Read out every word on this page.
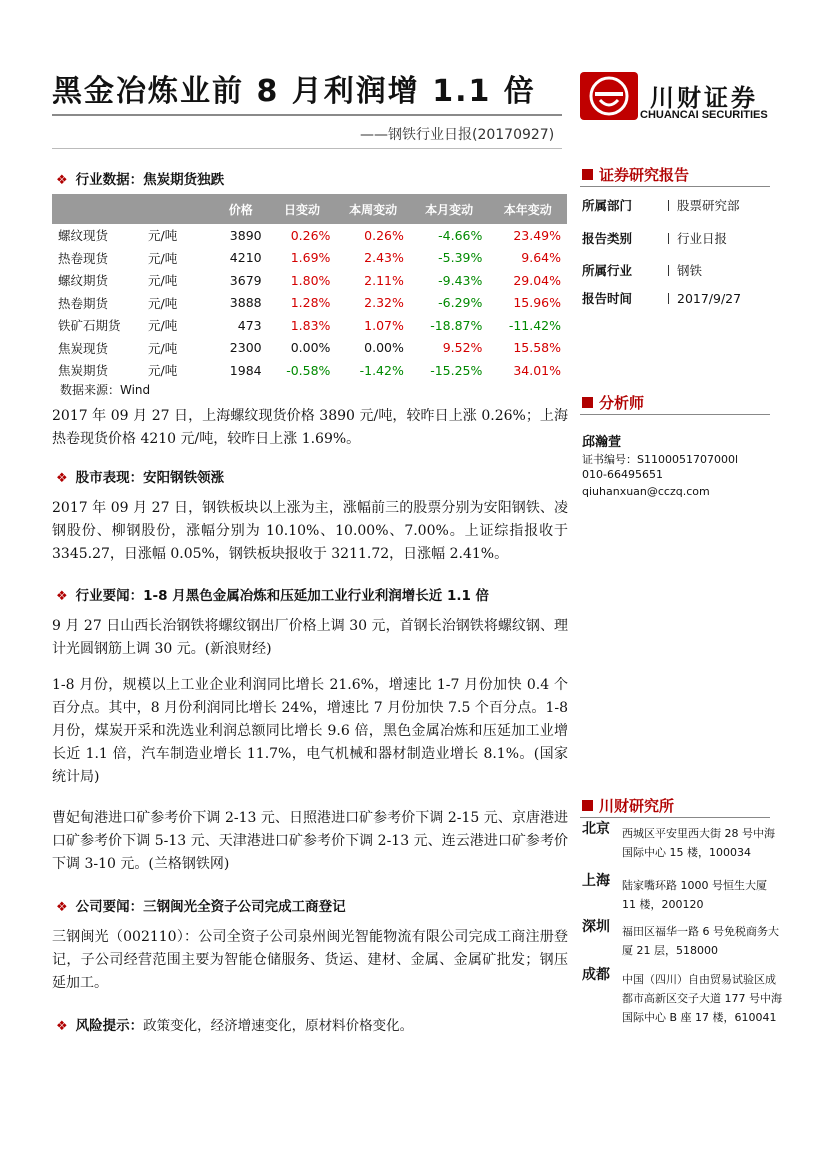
黑金冶炼业前 8 月利润增 1.1 倍
——钢铁行业日报(20170927)
川财证券
CHUANCAI SECURITIES
❖ 行业数据：焦炭期货独跌
		价格	日变动	本周变动	本月变动	本年变动
螺纹现货	元/吨	3890	0.26%	0.26%	-4.66%	23.49%
热卷现货	元/吨	4210	1.69%	2.43%	-5.39%	9.64%
螺纹期货	元/吨	3679	1.80%	2.11%	-9.43%	29.04%
热卷期货	元/吨	3888	1.28%	2.32%	-6.29%	15.96%
铁矿石期货	元/吨	473	1.83%	1.07%	-18.87%	-11.42%
焦炭现货	元/吨	2300	0.00%	0.00%	9.52%	15.58%
焦炭期货	元/吨	1984	-0.58%	-1.42%	-15.25%	34.01%
数据来源：Wind
2017 年 09 月 27 日，上海螺纹现货价格 3890 元/吨，较昨日上涨 0.26%；上海热卷现货价格 4210 元/吨，较昨日上涨 1.69%。
❖ 股市表现：安阳钢铁领涨
2017 年 09 月 27 日，钢铁板块以上涨为主，涨幅前三的股票分别为安阳钢铁、凌钢股份、柳钢股份，涨幅分别为 10.10%、10.00%、7.00%。上证综指报收于 3345.27，日涨幅 0.05%，钢铁板块报收于 3211.72，日涨幅 2.41%。
❖ 行业要闻：1-8 月黑色金属冶炼和压延加工业行业利润增长近 1.1 倍
9 月 27 日山西长治钢铁将螺纹钢出厂价格上调 30 元，首钢长治钢铁将螺纹钢、理计光圆钢筋上调 30 元。(新浪财经)
1-8 月份，规模以上工业企业利润同比增长 21.6%，增速比 1-7 月份加快 0.4 个百分点。其中，8 月份利润同比增长 24%，增速比 7 月份加快 7.5 个百分点。1-8 月份，煤炭开采和洗选业利润总额同比增长 9.6 倍，黑色金属冶炼和压延加工业增长近 1.1 倍，汽车制造业增长 11.7%，电气机械和器材制造业增长 8.1%。(国家统计局)
曹妃甸港进口矿参考价下调 2-13 元、日照港进口矿参考价下调 2-15 元、京唐港进口矿参考价下调 5-13 元、天津港进口矿参考价下调 2-13 元、连云港进口矿参考价下调 3-10 元。(兰格钢铁网)
❖ 公司要闻：三钢闽光全资子公司完成工商登记
三钢闽光（002110）：公司全资子公司泉州闽光智能物流有限公司完成工商注册登记，子公司经营范围主要为智能仓储服务、货运、建材、金属、金属矿批发；钢压延加工。
❖ 风险提示：政策变化，经济增速变化，原材料价格变化。
证券研究报告
所属部门	股票研究部
报告类别	行业日报
所属行业	钢铁
报告时间	2017/9/27
分析师
邱瀚萱
证书编号：S1100051707000l
010-66495651
qiuhanxuan@cczq.com
川财研究所
北京 西城区平安里西大街 28 号中海国际中心 15 楼，100034
上海 陆家嘴环路 1000 号恒生大厦 11 楼，200120
深圳 福田区福华一路 6 号免税商务大厦 21 层，518000
成都 中国（四川）自由贸易试验区成都市高新区交子大道 177 号中海国际中心 B 座 17 楼，610041
